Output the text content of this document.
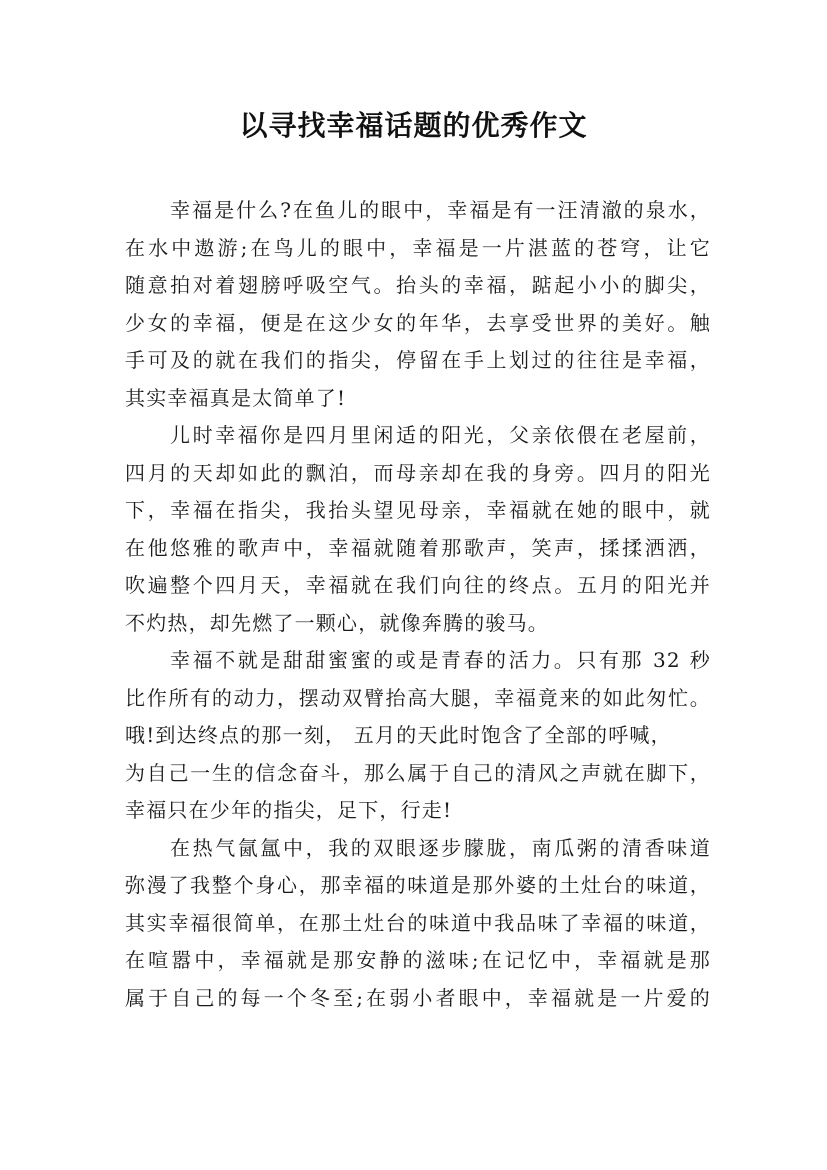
以寻找幸福话题的优秀作文
幸福是什么?在鱼儿的眼中，幸福是有一汪清澈的泉水，
在水中遨游;在鸟儿的眼中，幸福是一片湛蓝的苍穹，让它
随意拍对着翅膀呼吸空气。抬头的幸福，踮起小小的脚尖，
少女的幸福，便是在这少女的年华，去享受世界的美好。触
手可及的就在我们的指尖，停留在手上划过的往往是幸福，
其实幸福真是太简单了!
儿时幸福你是四月里闲适的阳光，父亲依偎在老屋前，
四月的天却如此的飘泊，而母亲却在我的身旁。四月的阳光
下，幸福在指尖，我抬头望见母亲，幸福就在她的眼中，就
在他悠雅的歌声中，幸福就随着那歌声，笑声，揉揉洒洒，
吹遍整个四月天，幸福就在我们向往的终点。五月的阳光并
不灼热，却先燃了一颗心，就像奔腾的骏马。
幸福不就是甜甜蜜蜜的或是青春的活力。只有那 32 秒
比作所有的动力，摆动双臂抬高大腿，幸福竟来的如此匆忙。
哦!到达终点的那一刻， 五月的天此时饱含了全部的呼喊，
为自己一生的信念奋斗，那么属于自己的清风之声就在脚下，
幸福只在少年的指尖，足下，行走!
在热气氤氲中，我的双眼逐步朦胧，南瓜粥的清香味道
弥漫了我整个身心，那幸福的味道是那外婆的土灶台的味道，
其实幸福很简单，在那土灶台的味道中我品味了幸福的味道，
在喧嚣中，幸福就是那安静的滋味;在记忆中，幸福就是那
属于自己的每一个冬至;在弱小者眼中，幸福就是一片爱的
